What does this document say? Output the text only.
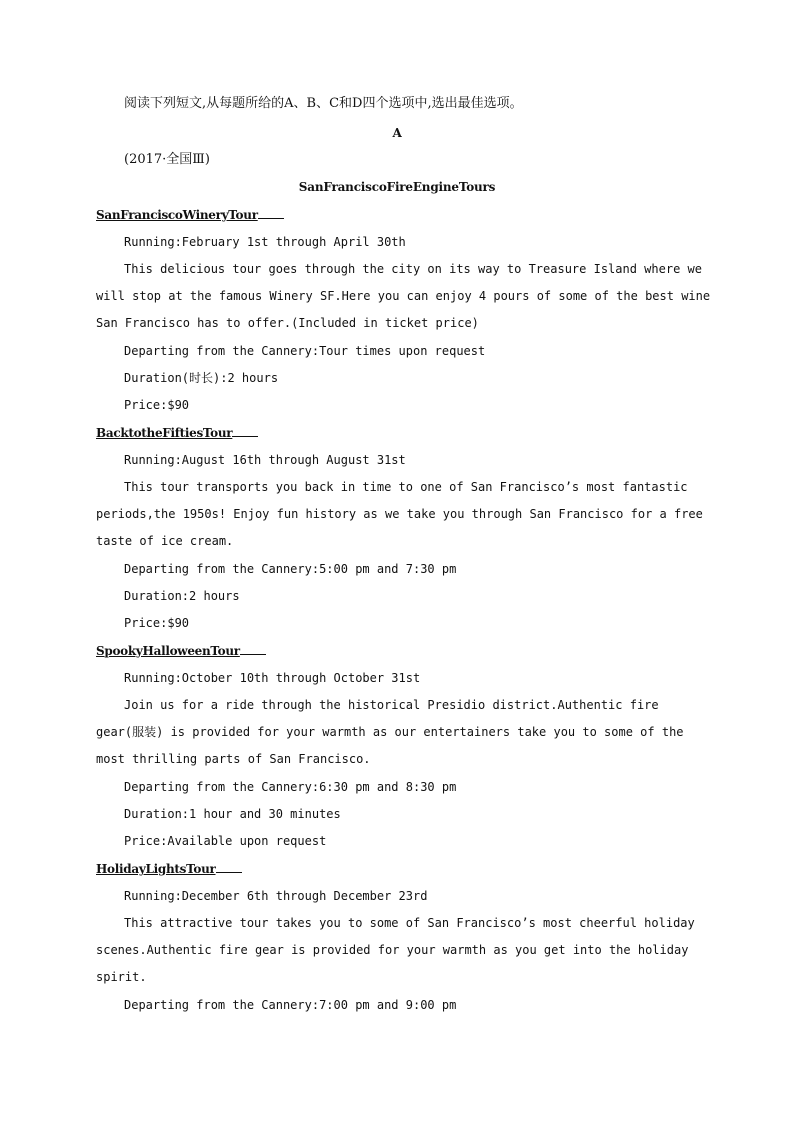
阅读下列短文,从每题所给的A、B、C和D四个选项中,选出最佳选项。
A
(2017·全国Ⅲ)
SanFranciscoFireEngineTours
SanFranciscoWineryTour
Running:February 1st through April 30th
This delicious tour goes through the city on its way to Treasure Island where we
will stop at the famous Winery SF.Here you can enjoy 4 pours of some of the best wine
San Francisco has to offer.(Included in ticket price)
Departing from the Cannery:Tour times upon request
Duration(时长):2 hours
Price:$90
BacktotheFiftiesTour
Running:August 16th through August 31st
This tour transports you back in time to one of San Francisco’s most fantastic
periods,the 1950s! Enjoy fun history as we take you through San Francisco for a free
taste of ice cream.
Departing from the Cannery:5:00 pm and 7:30 pm
Duration:2 hours
Price:$90
SpookyHalloweenTour
Running:October 10th through October 31st
Join us for a ride through the historical Presidio district.Authentic fire
gear(服装) is provided for your warmth as our entertainers take you to some of the
most thrilling parts of San Francisco.
Departing from the Cannery:6:30 pm and 8:30 pm
Duration:1 hour and 30 minutes
Price:Available upon request
HolidayLightsTour
Running:December 6th through December 23rd
This attractive tour takes you to some of San Francisco’s most cheerful holiday
scenes.Authentic fire gear is provided for your warmth as you get into the holiday
spirit.
Departing from the Cannery:7:00 pm and 9:00 pm
